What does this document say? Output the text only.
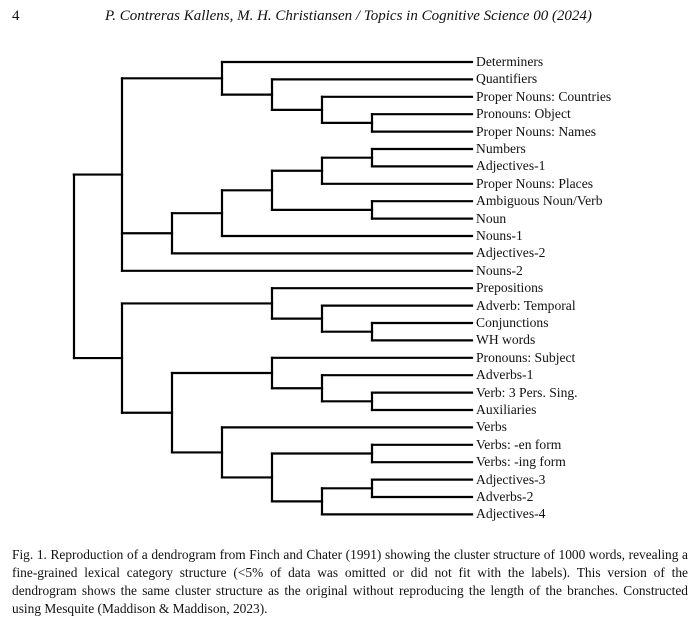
4	P. Contreras Kallens, M. H. Christiansen / Topics in Cognitive Science 00 (2024)
Determiners
Quantifiers
Proper Nouns: Countries
Pronouns: Object
Proper Nouns: Names
Numbers
Adjectives-1
Proper Nouns: Places
Ambiguous Noun/Verb
Noun
Nouns-1
Adjectives-2
Nouns-2
Prepositions
Adverb: Temporal
Conjunctions
WH words
Pronouns: Subject
Adverbs-1
Verb: 3 Pers. Sing.
Auxiliaries
Verbs
Verbs: -en form
Verbs: -ing form
Adjectives-3
Adverbs-2
Adjectives-4
Fig. 1. Reproduction of a dendrogram from Finch and Chater (1991) showing the cluster structure of 1000 words, revealing a fine-grained lexical category structure (<5% of data was omitted or did not fit with the labels). This version of the dendrogram shows the same cluster structure as the original without reproducing the length of the branches. Constructed using Mesquite (Maddison & Maddison, 2023).
